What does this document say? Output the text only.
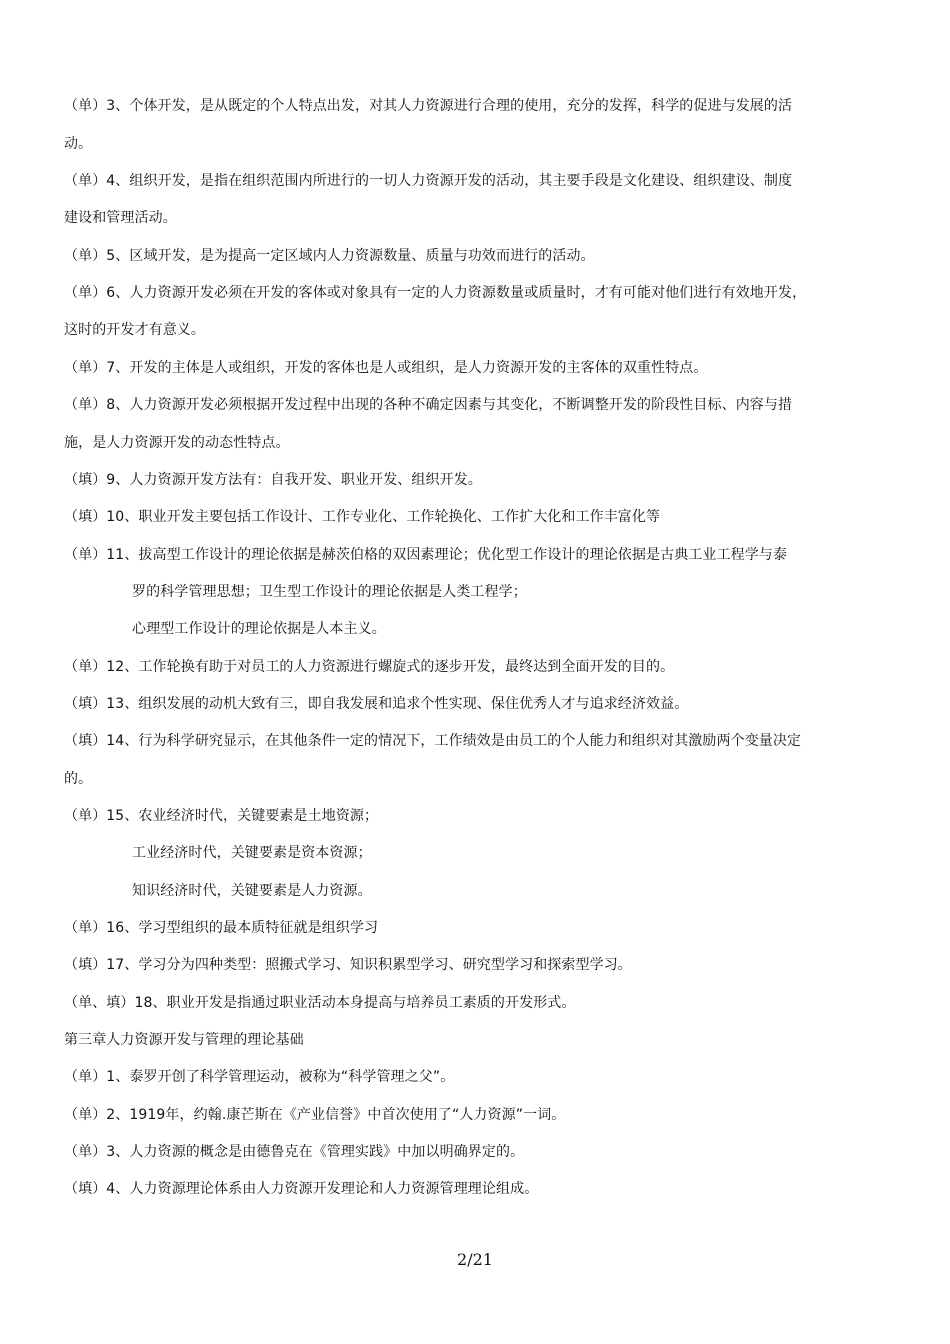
（单）3、个体开发，是从既定的个人特点出发，对其人力资源进行合理的使用，充分的发挥，科学的促进与发展的活
动。
（单）4、组织开发，是指在组织范围内所进行的一切人力资源开发的活动，其主要手段是文化建设、组织建设、制度
建设和管理活动。
（单）5、区域开发，是为提高一定区域内人力资源数量、质量与功效而进行的活动。
（单）6、人力资源开发必须在开发的客体或对象具有一定的人力资源数量或质量时，才有可能对他们进行有效地开发，
这时的开发才有意义。
（单）7、开发的主体是人或组织，开发的客体也是人或组织，是人力资源开发的主客体的双重性特点。
（单）8、人力资源开发必须根据开发过程中出现的各种不确定因素与其变化，不断调整开发的阶段性目标、内容与措
施，是人力资源开发的动态性特点。
（填）9、人力资源开发方法有：自我开发、职业开发、组织开发。
（填）10、职业开发主要包括工作设计、工作专业化、工作轮换化、工作扩大化和工作丰富化等
（单）11、拔高型工作设计的理论依据是赫茨伯格的双因素理论；优化型工作设计的理论依据是古典工业工程学与泰
罗的科学管理思想；卫生型工作设计的理论依据是人类工程学；
心理型工作设计的理论依据是人本主义。
（单）12、工作轮换有助于对员工的人力资源进行螺旋式的逐步开发，最终达到全面开发的目的。
（填）13、组织发展的动机大致有三，即自我发展和追求个性实现、保住优秀人才与追求经济效益。
（填）14、行为科学研究显示，在其他条件一定的情况下，工作绩效是由员工的个人能力和组织对其激励两个变量决定
的。
（单）15、农业经济时代，关键要素是土地资源；
工业经济时代，关键要素是资本资源；
知识经济时代，关键要素是人力资源。
（单）16、学习型组织的最本质特征就是组织学习
（填）17、学习分为四种类型：照搬式学习、知识积累型学习、研究型学习和探索型学习。
（单、填）18、职业开发是指通过职业活动本身提高与培养员工素质的开发形式。
第三章人力资源开发与管理的理论基础
（单）1、泰罗开创了科学管理运动，被称为“科学管理之父”。
（单）2、1919年，约翰.康芒斯在《产业信誉》中首次使用了“人力资源”一词。
（单）3、人力资源的概念是由德鲁克在《管理实践》中加以明确界定的。
（填）4、人力资源理论体系由人力资源开发理论和人力资源管理理论组成。
2/21
